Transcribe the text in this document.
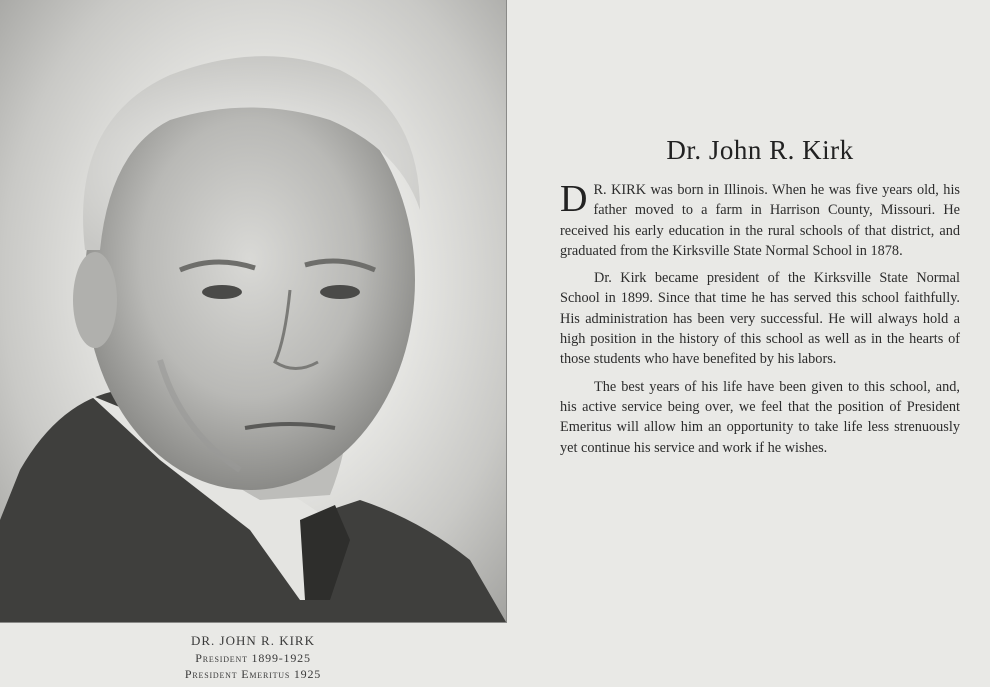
DR. JOHN R. KIRK
President 1899-1925
President Emeritus 1925
Dr. John R. Kirk

D R. KIRK was born in Illinois. When he was five years old, his father moved to a farm in Harrison County, Missouri. He received his early education in the rural schools of that district, and graduated from the Kirksville State Normal School in 1878.

Dr. Kirk became president of the Kirksville State Normal School in 1899. Since that time he has served this school faithfully. His administration has been very successful. He will always hold a high position in the history of this school as well as in the hearts of those students who have benefited by his labors.

The best years of his life have been given to this school, and, his active service being over, we feel that the position of President Emeritus will allow him an opportunity to take life less strenuously yet continue his service and work if he wishes.
